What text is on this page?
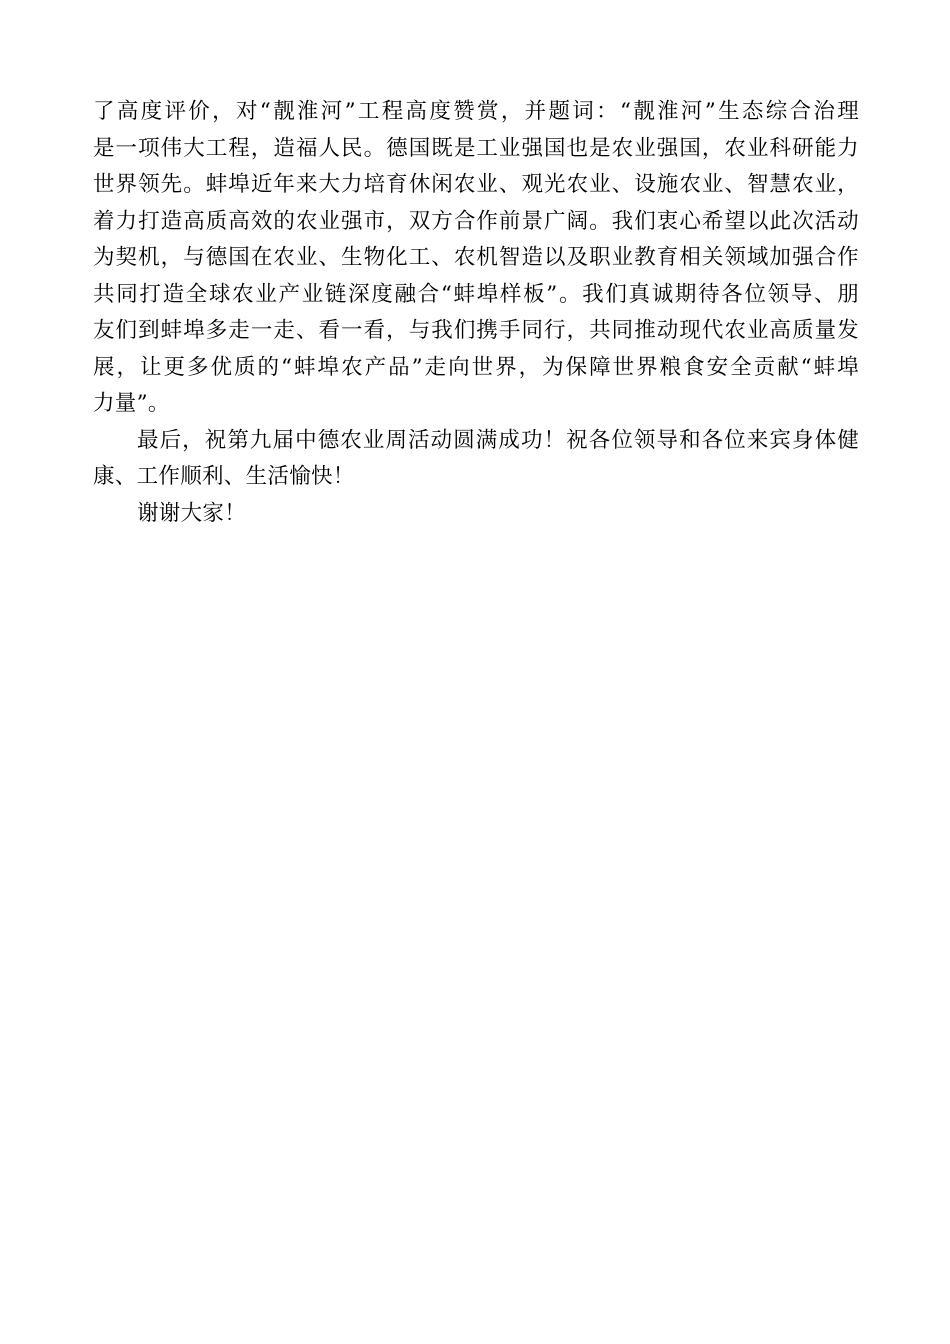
了高度评价，对“靓淮河”工程高度赞赏，并题词：“靓淮河”生态综合治理
是一项伟大工程，造福人民。德国既是工业强国也是农业强国，农业科研能力
世界领先。蚌埠近年来大力培育休闲农业、观光农业、设施农业、智慧农业，
着力打造高质高效的农业强市，双方合作前景广阔。我们衷心希望以此次活动
为契机，与德国在农业、生物化工、农机智造以及职业教育相关领域加强合作
共同打造全球农业产业链深度融合“蚌埠样板”。我们真诚期待各位领导、朋
友们到蚌埠多走一走、看一看，与我们携手同行，共同推动现代农业高质量发
展，让更多优质的“蚌埠农产品”走向世界，为保障世界粮食安全贡献“蚌埠
力量”。
最后，祝第九届中德农业周活动圆满成功！祝各位领导和各位来宾身体健
康、工作顺利、生活愉快！
谢谢大家！
